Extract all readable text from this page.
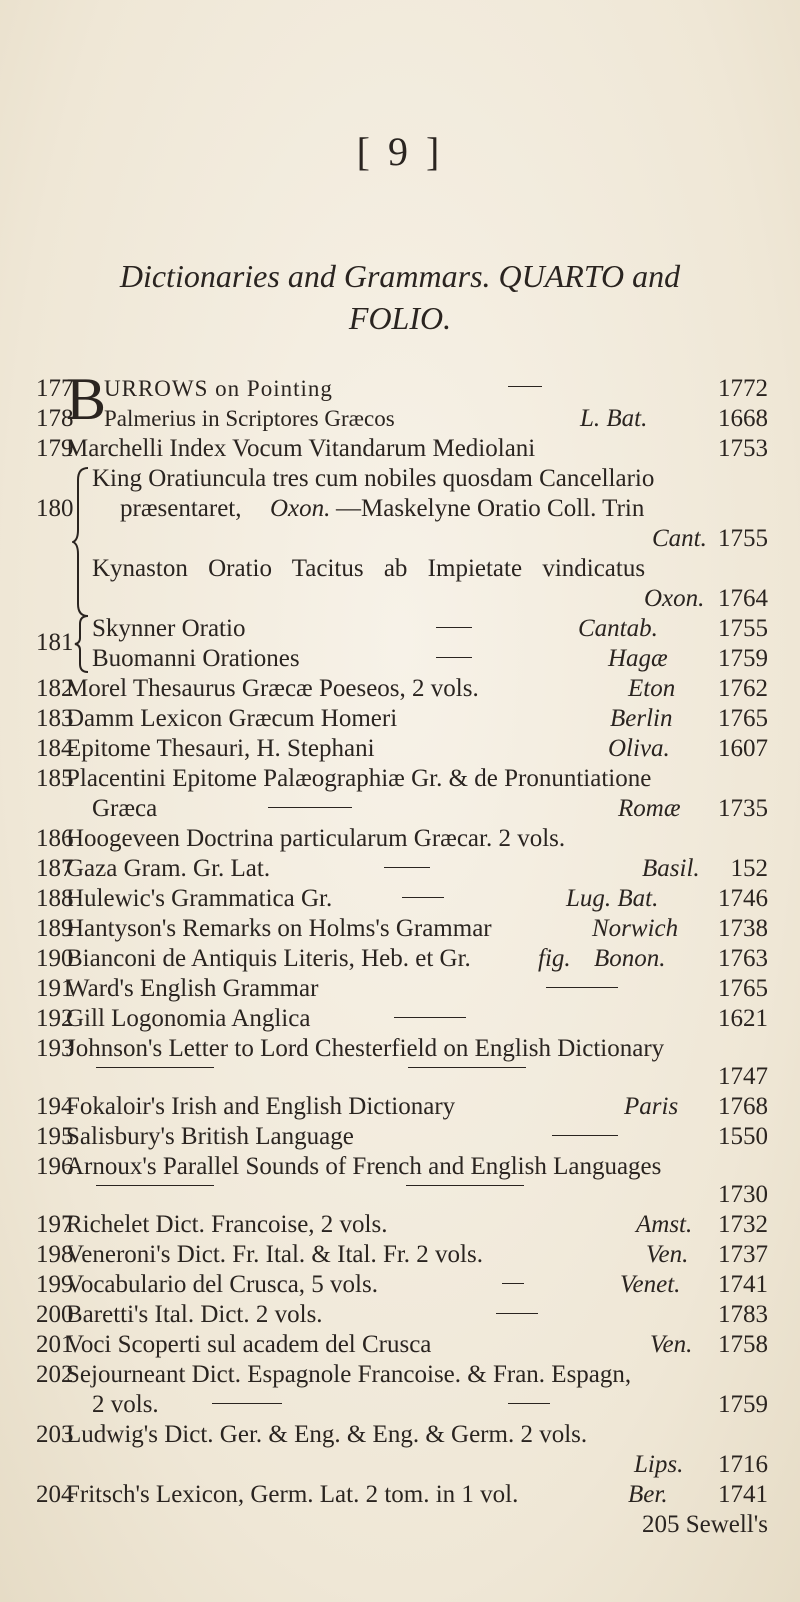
[ 9 ]
Dictionaries and Grammars. QUARTO and
FOLIO.
177
B
URROWS on Pointing	1772
178 Palmerius in Scriptores Græcos	L. Bat.	1668
179
Marchelli Index Vocum Vitandarum Mediolani	1753
180
King Oratiuncula tres cum nobiles quosdam Cancellario
præsentaret, Oxon. —Maskelyne Oratio Coll. Trin
Cant. 1755
Kynaston Oratio Tacitus ab Impietate vindicatus
Oxon. 1764
181
Skynner Oratio	Cantab. 1755
Buomanni Orationes	Hagæ 1759
182
Morel Thesaurus Græcæ Poeseos, 2 vols.	Eton 1762
183
Damm Lexicon Græcum Homeri	Berlin 1765
184
Epitome Thesauri, H. Stephani	Oliva. 1607
185
Placentini Epitome Palæographiæ Gr. & de Pronuntiatione
Græca	Romæ 1735
186
Hoogeveen Doctrina particularum Græcar. 2 vols.
187
Gaza Gram. Gr. Lat.	Basil. 152
188
Hulewic's Grammatica Gr.	Lug. Bat. 1746
189
Hantyson's Remarks on Holms's Grammar	Norwich 1738
190
Bianconi de Antiquis Literis, Heb. et Gr.	fig. Bonon. 1763
191
Ward's English Grammar	1765
192
Gill Logonomia Anglica	1621
193
Johnson's Letter to Lord Chesterfield on English Dictionary
1747
194
Fokaloir's Irish and English Dictionary	Paris 1768
195
Salisbury's British Language	1550
196
Arnoux's Parallel Sounds of French and English Languages
1730
197
Richelet Dict. Francoise, 2 vols.	Amst. 1732
198
Veneroni's Dict. Fr. Ital. & Ital. Fr. 2 vols.	Ven. 1737
199
Vocabulario del Crusca, 5 vols.	Venet. 1741
200
Baretti's Ital. Dict. 2 vols.	1783
201
Voci Scoperti sul academ del Crusca	Ven. 1758
202
Sejourneant Dict. Espagnole Francoise. & Fran. Espagn,
2 vols.	1759
203
Ludwig's Dict. Ger. & Eng. & Eng. & Germ. 2 vols.
Lips. 1716
204
Fritsch's Lexicon, Germ. Lat. 2 tom. in 1 vol.	Ber. 1741
205 Sewell's
